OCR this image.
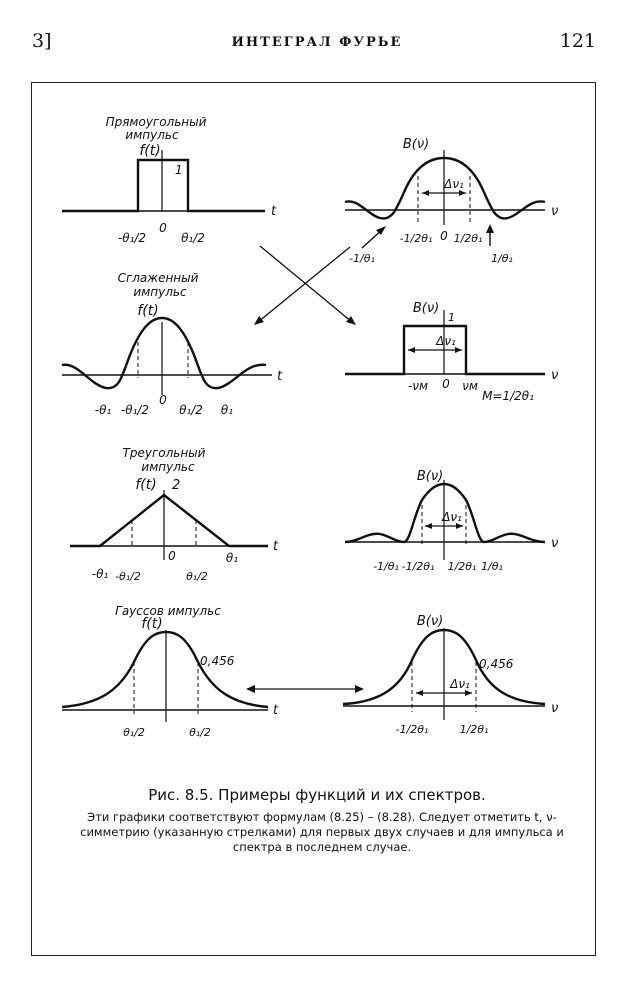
3]	ИНТЕГРАЛ ФУРЬЕ	121
Прямоугольный
импульс
f(t)
1
t
-θ₁/2
0
θ₁/2
B(ν)
Δν₁
ν
-1/2θ₁ 0 1/2θ₁
-1/θ₁	1/θ₁
Сглаженный
импульс
f(t)
t
-θ₁ -θ₁/2
0
θ₁/2 θ₁
B(ν)
1
Δν₁
ν
-νм 0 νм
M=1/2θ₁
Треугольный
импульс
f(t) 2
t
-θ₁ -θ₁/2
0
θ₁/2
θ₁
B(ν)
Δν₁
ν
-1/θ₁ -1/2θ₁ 1/2θ₁ 1/θ₁
Гауссов импульс
f(t)
0,456
t
θ₁/2	θ₁/2
B(ν)
0,456
Δν₁
ν
-1/2θ₁	1/2θ₁
Рис. 8.5. Примеры функций и их спектров.
Эти графики соответствуют формулам (8.25) – (8.28). Следует отметить t, ν-симметрию (указанную стрелками) для первых двух случаев и для импульса и спектра в последнем случае.
